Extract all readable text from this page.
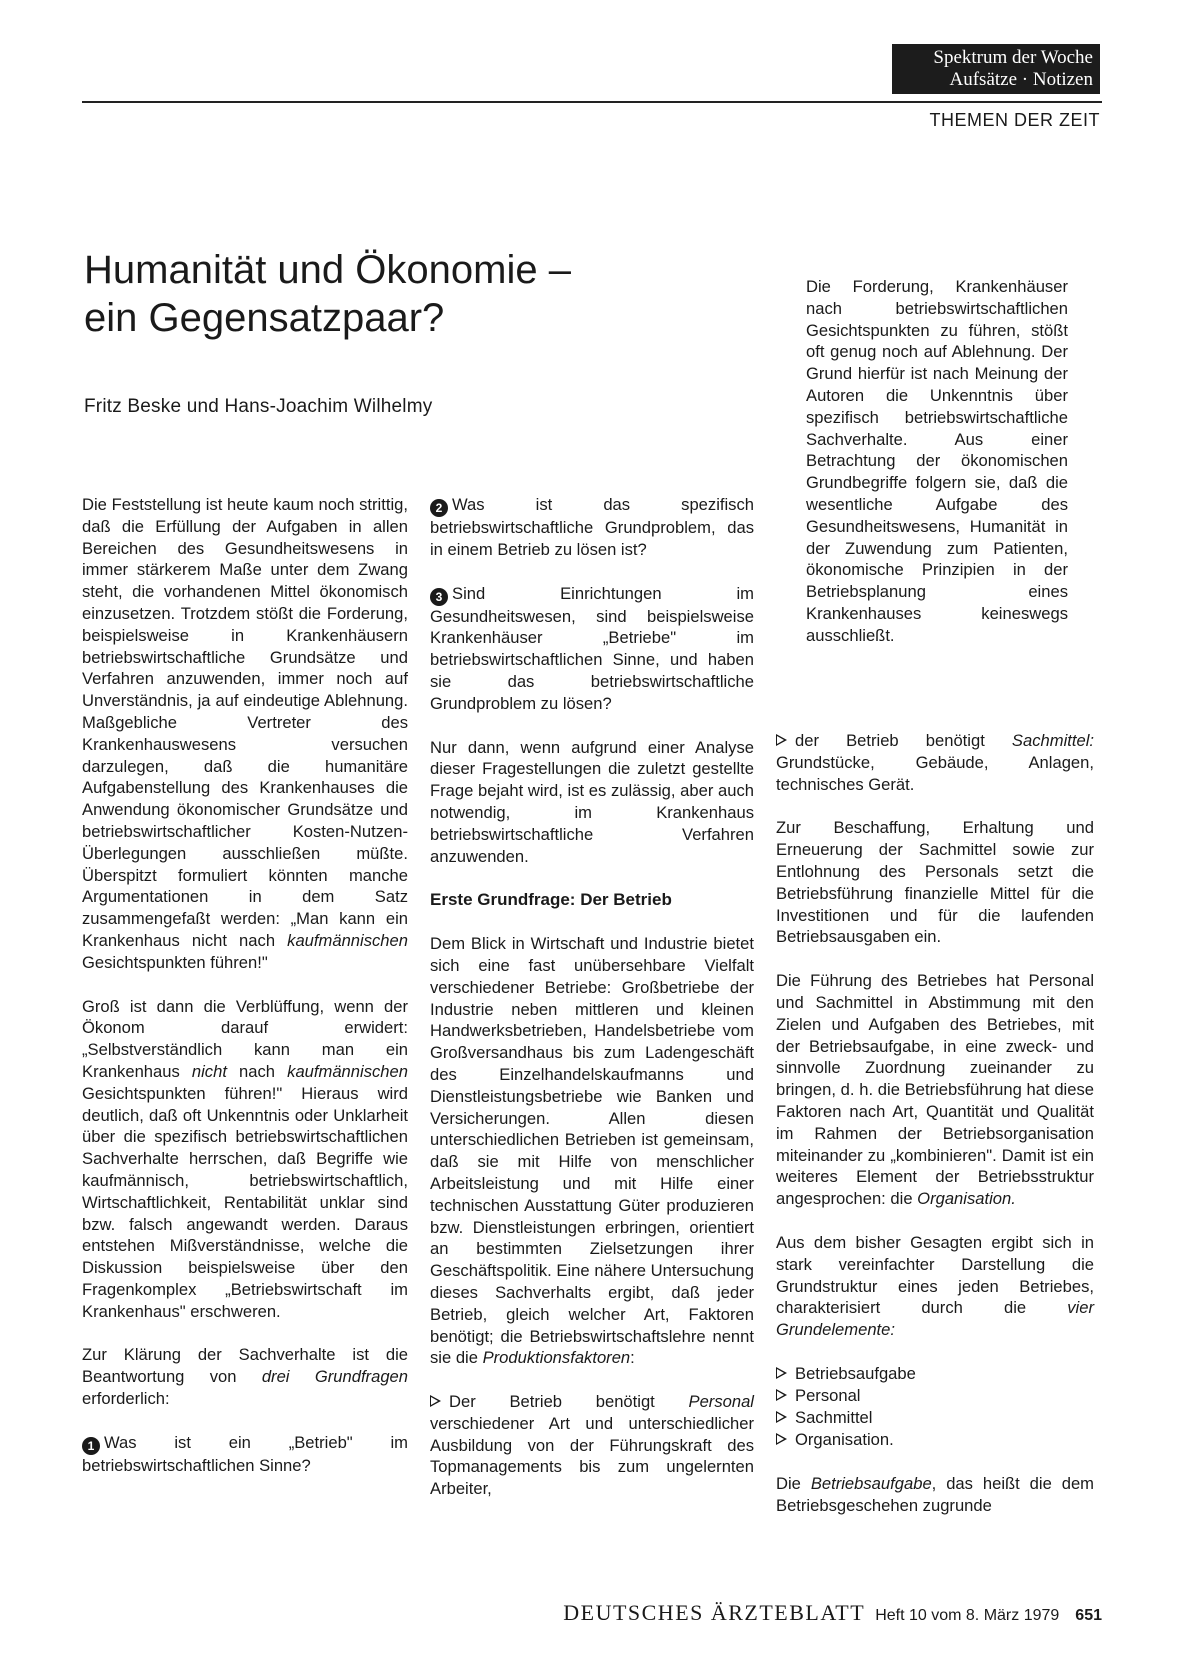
Spektrum der Woche
Aufsätze · Notizen
THEMEN DER ZEIT
Humanität und Ökonomie –
ein Gegensatzpaar?
Fritz Beske und Hans-Joachim Wilhelmy
Die Forderung, Krankenhäuser nach betriebswirtschaftlichen Gesichtspunkten zu führen, stößt oft genug noch auf Ablehnung. Der Grund hierfür ist nach Meinung der Autoren die Unkenntnis über spezifisch betriebswirtschaftliche Sachverhalte. Aus einer Betrachtung der ökonomischen Grundbegriffe folgern sie, daß die wesentliche Aufgabe des Gesundheitswesens, Humanität in der Zuwendung zum Patienten, ökonomische Prinzipien in der Betriebsplanung eines Krankenhauses keineswegs ausschließt.

Die Feststellung ist heute kaum noch strittig, daß die Erfüllung der Aufgaben in allen Bereichen des Gesundheitswesens in immer stärkerem Maße unter dem Zwang steht, die vorhandenen Mittel ökonomisch einzusetzen. Trotzdem stößt die Forderung, beispielsweise in Krankenhäusern betriebswirtschaftliche Grundsätze und Verfahren anzuwenden, immer noch auf Unverständnis, ja auf eindeutige Ablehnung. Maßgebliche Vertreter des Krankenhauswesens versuchen darzulegen, daß die humanitäre Aufgabenstellung des Krankenhauses die Anwendung ökonomischer Grundsätze und betriebswirtschaftlicher Kosten-Nutzen-Überlegungen ausschließen müßte. Überspitzt formuliert könnten manche Argumentationen in dem Satz zusammengefaßt werden: „Man kann ein Krankenhaus nicht nach kaufmännischen Gesichtspunkten führen!"

Groß ist dann die Verblüffung, wenn der Ökonom darauf erwidert: „Selbstverständlich kann man ein Krankenhaus nicht nach kaufmännischen Gesichtspunkten führen!" Hieraus wird deutlich, daß oft Unkenntnis oder Unklarheit über die spezifisch betriebswirtschaftlichen Sachverhalte herrschen, daß Begriffe wie kaufmännisch, betriebswirtschaftlich, Wirtschaftlichkeit, Rentabilität unklar sind bzw. falsch angewandt werden. Daraus entstehen Mißverständnisse, welche die Diskussion beispielsweise über den Fragenkomplex „Betriebswirtschaft im Krankenhaus" erschweren.

Zur Klärung der Sachverhalte ist die Beantwortung von drei Grundfragen erforderlich:

1 Was ist ein „Betrieb" im betriebswirtschaftlichen Sinne?

2 Was ist das spezifisch betriebswirtschaftliche Grundproblem, das in einem Betrieb zu lösen ist?

3 Sind Einrichtungen im Gesundheitswesen, sind beispielsweise Krankenhäuser „Betriebe" im betriebswirtschaftlichen Sinne, und haben sie das betriebswirtschaftliche Grundproblem zu lösen?

Nur dann, wenn aufgrund einer Analyse dieser Fragestellungen die zuletzt gestellte Frage bejaht wird, ist es zulässig, aber auch notwendig, im Krankenhaus betriebswirtschaftliche Verfahren anzuwenden.

Erste Grundfrage: Der Betrieb

Dem Blick in Wirtschaft und Industrie bietet sich eine fast unübersehbare Vielfalt verschiedener Betriebe: Großbetriebe der Industrie neben mittleren und kleinen Handwerksbetrieben, Handelsbetriebe vom Großversandhaus bis zum Ladengeschäft des Einzelhandelskaufmanns und Dienstleistungsbetriebe wie Banken und Versicherungen. Allen diesen unterschiedlichen Betrieben ist gemeinsam, daß sie mit Hilfe von menschlicher Arbeitsleistung und mit Hilfe einer technischen Ausstattung Güter produzieren bzw. Dienstleistungen erbringen, orientiert an bestimmten Zielsetzungen ihrer Geschäftspolitik. Eine nähere Untersuchung dieses Sachverhalts ergibt, daß jeder Betrieb, gleich welcher Art, Faktoren benötigt; die Betriebswirtschaftslehre nennt sie die Produktionsfaktoren:

Der Betrieb benötigt Personal verschiedener Art und unterschiedlicher Ausbildung von der Führungskraft des Topmanagements bis zum ungelernten Arbeiter,

der Betrieb benötigt Sachmittel: Grundstücke, Gebäude, Anlagen, technisches Gerät.

Zur Beschaffung, Erhaltung und Erneuerung der Sachmittel sowie zur Entlohnung des Personals setzt die Betriebsführung finanzielle Mittel für die Investitionen und für die laufenden Betriebsausgaben ein.

Die Führung des Betriebes hat Personal und Sachmittel in Abstimmung mit den Zielen und Aufgaben des Betriebes, mit der Betriebsaufgabe, in eine zweck- und sinnvolle Zuordnung zueinander zu bringen, d. h. die Betriebsführung hat diese Faktoren nach Art, Quantität und Qualität im Rahmen der Betriebsorganisation miteinander zu „kombinieren". Damit ist ein weiteres Element der Betriebsstruktur angesprochen: die Organisation.

Aus dem bisher Gesagten ergibt sich in stark vereinfachter Darstellung die Grundstruktur eines jeden Betriebes, charakterisiert durch die vier Grundelemente:

Betriebsaufgabe
Personal
Sachmittel
Organisation.

Die Betriebsaufgabe, das heißt die dem Betriebsgeschehen zugrunde

DEUTSCHES ÄRZTEBLATT Heft 10 vom 8. März 1979 651
